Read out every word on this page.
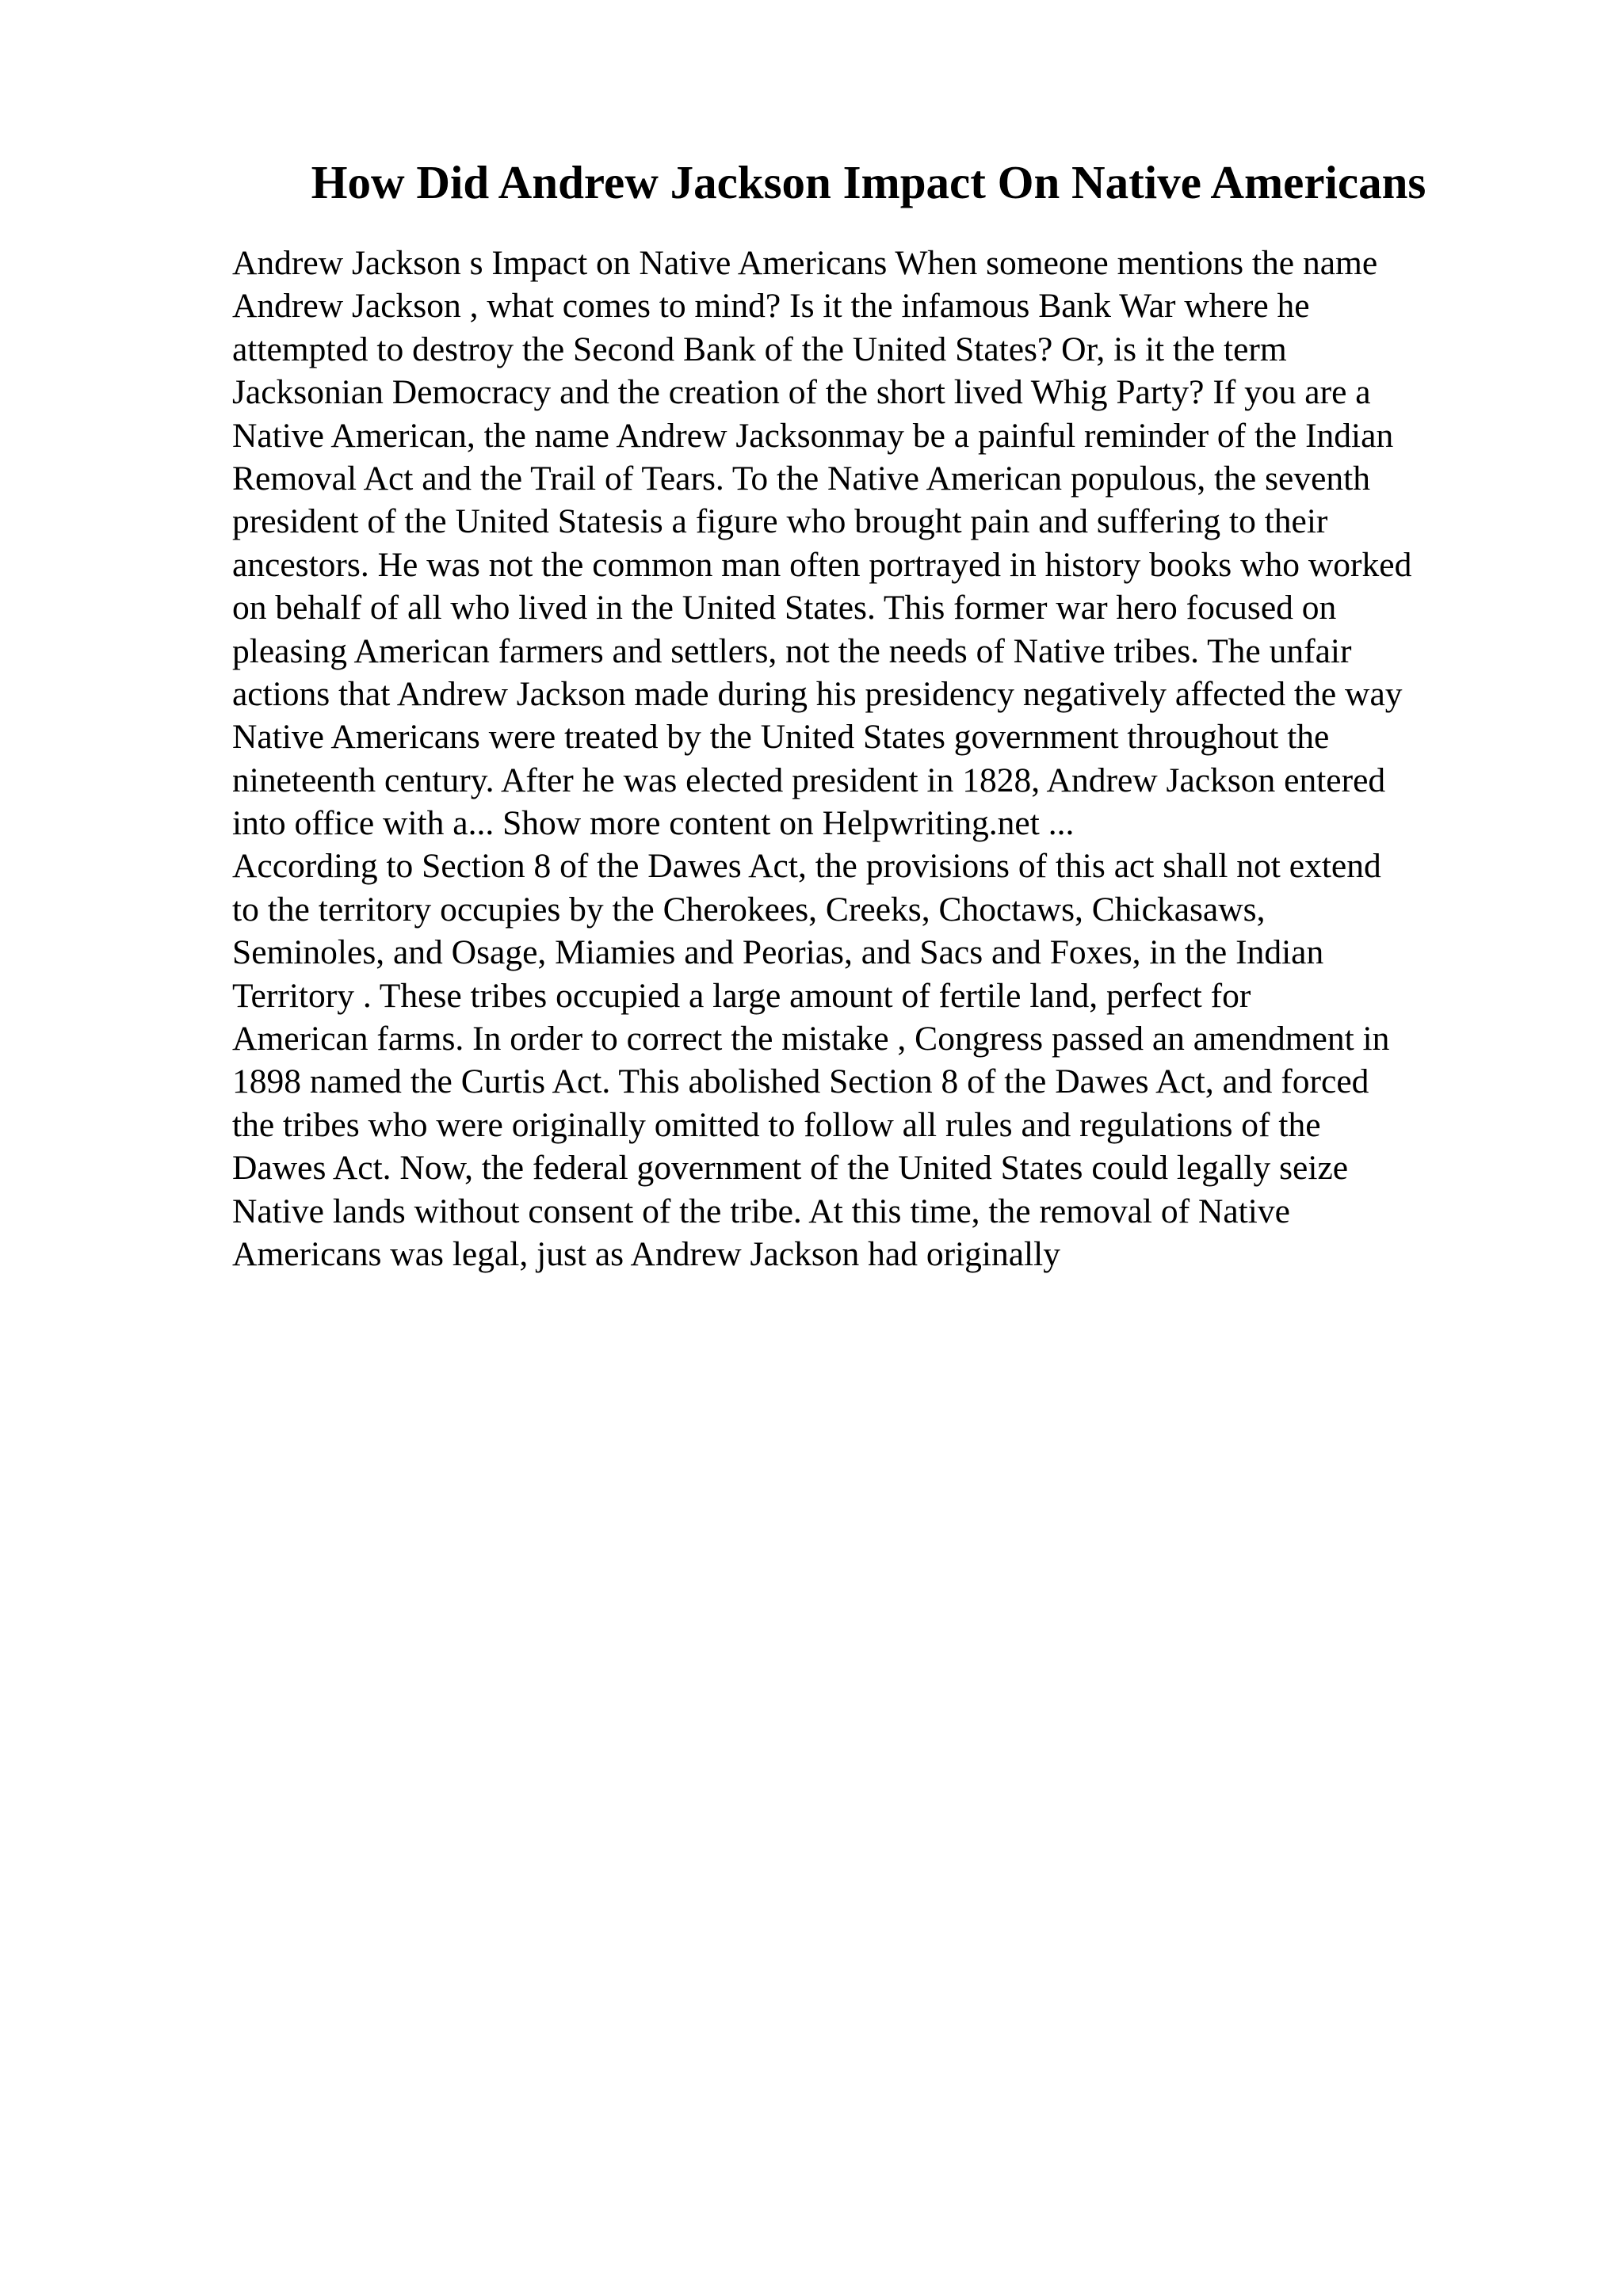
How Did Andrew Jackson Impact On Native Americans
Andrew Jackson s Impact on Native Americans When someone mentions the name
Andrew Jackson , what comes to mind? Is it the infamous Bank War where he
attempted to destroy the Second Bank of the United States? Or, is it the term
Jacksonian Democracy and the creation of the short lived Whig Party? If you are a
Native American, the name Andrew Jacksonmay be a painful reminder of the Indian
Removal Act and the Trail of Tears. To the Native American populous, the seventh
president of the United Statesis a figure who brought pain and suffering to their
ancestors. He was not the common man often portrayed in history books who worked
on behalf of all who lived in the United States. This former war hero focused on
pleasing American farmers and settlers, not the needs of Native tribes. The unfair
actions that Andrew Jackson made during his presidency negatively affected the way
Native Americans were treated by the United States government throughout the
nineteenth century. After he was elected president in 1828, Andrew Jackson entered
into office with a... Show more content on Helpwriting.net ...
According to Section 8 of the Dawes Act, the provisions of this act shall not extend
to the territory occupies by the Cherokees, Creeks, Choctaws, Chickasaws,
Seminoles, and Osage, Miamies and Peorias, and Sacs and Foxes, in the Indian
Territory . These tribes occupied a large amount of fertile land, perfect for
American farms. In order to correct the mistake , Congress passed an amendment in
1898 named the Curtis Act. This abolished Section 8 of the Dawes Act, and forced
the tribes who were originally omitted to follow all rules and regulations of the
Dawes Act. Now, the federal government of the United States could legally seize
Native lands without consent of the tribe. At this time, the removal of Native
Americans was legal, just as Andrew Jackson had originally
